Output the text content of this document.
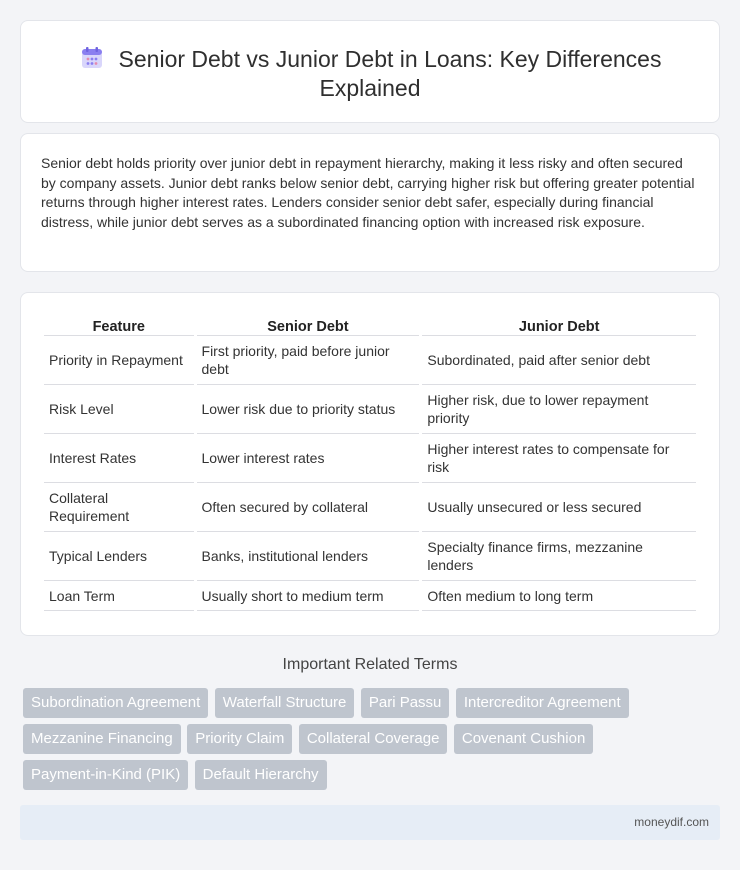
Senior Debt vs Junior Debt in Loans: Key Differences Explained

Senior debt holds priority over junior debt in repayment hierarchy, making it less risky and often secured by company assets. Junior debt ranks below senior debt, carrying higher risk but offering greater potential returns through higher interest rates. Lenders consider senior debt safer, especially during financial distress, while junior debt serves as a subordinated financing option with increased risk exposure.

Feature	Senior Debt	Junior Debt
Priority in Repayment	First priority, paid before junior debt	Subordinated, paid after senior debt
Risk Level	Lower risk due to priority status	Higher risk, due to lower repayment priority
Interest Rates	Lower interest rates	Higher interest rates to compensate for risk
Collateral Requirement	Often secured by collateral	Usually unsecured or less secured
Typical Lenders	Banks, institutional lenders	Specialty finance firms, mezzanine lenders
Loan Term	Usually short to medium term	Often medium to long term
Important Related Terms
Subordination Agreement Waterfall Structure Pari Passu Intercreditor Agreement Mezzanine Financing Priority Claim Collateral Coverage Covenant Cushion Payment-in-Kind (PIK) Default Hierarchy
moneydif.com
